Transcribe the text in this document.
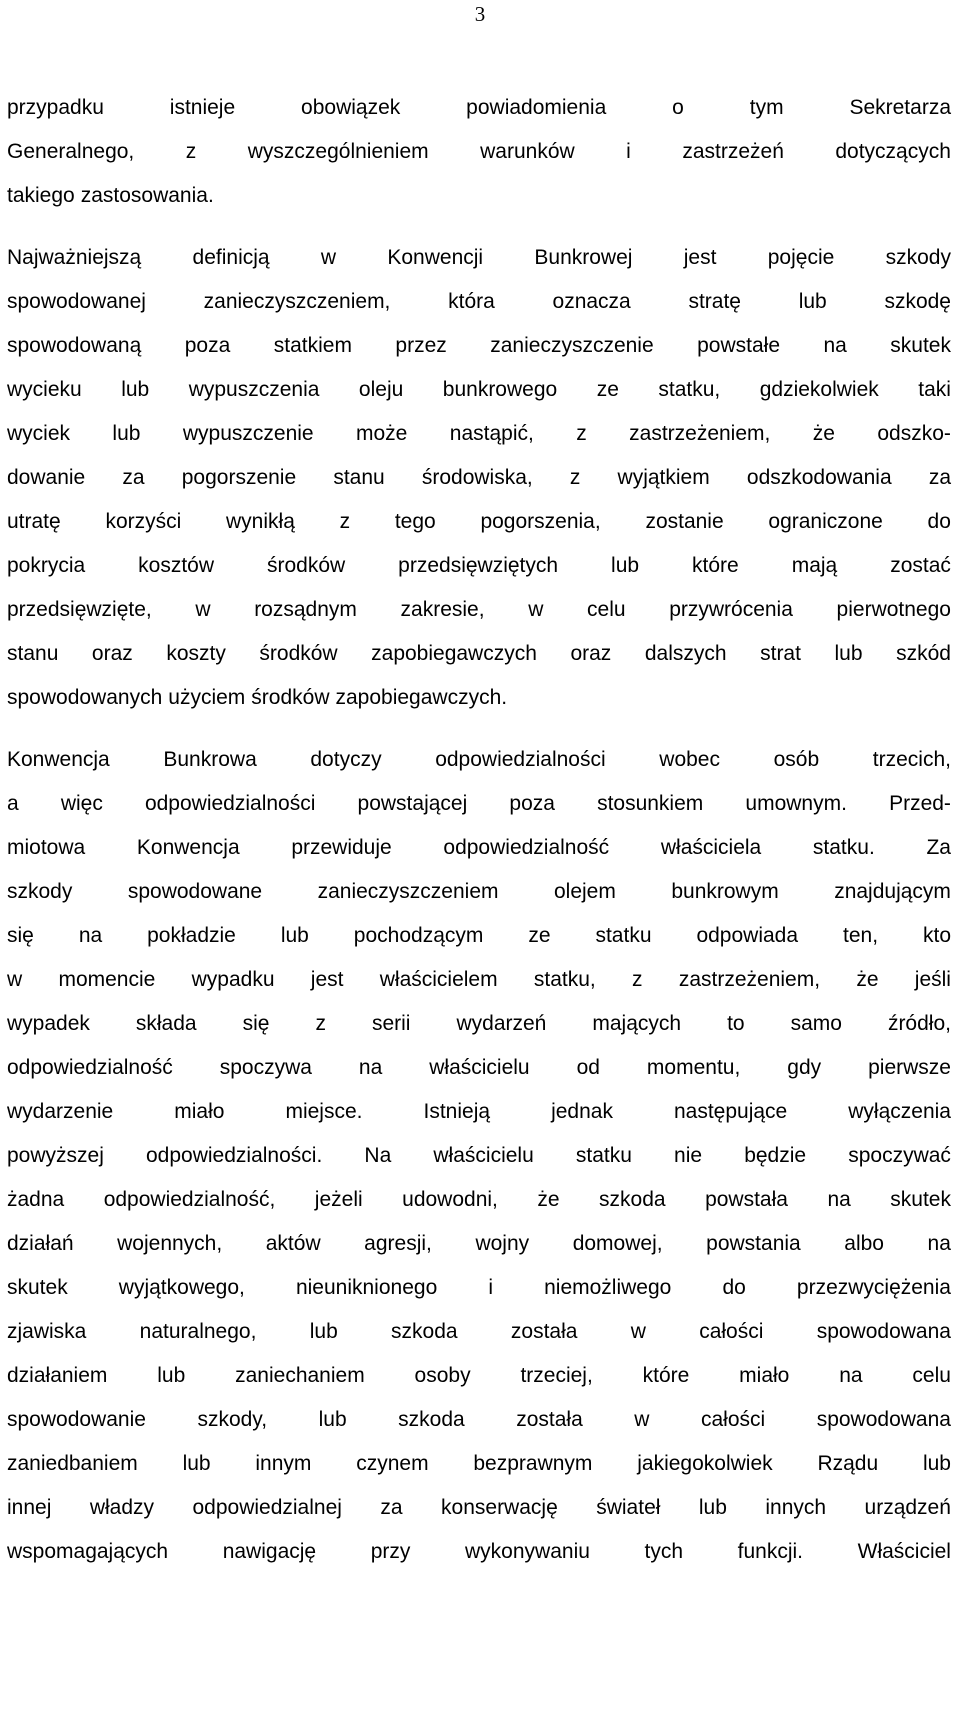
3
przypadku	istnieje	obowiązek	powiadomienia	o	tym	Sekretarza
Generalnego, z wyszczególnieniem warunków i zastrzeżeń dotyczących
takiego zastosowania.
Najważniejszą definicją w Konwencji Bunkrowej jest pojęcie szkody
spowodowanej	zanieczyszczeniem,	która	oznacza	stratę	lub	szkodę
spowodowaną poza statkiem przez zanieczyszczenie powstałe na skutek
wycieku lub wypuszczenia oleju bunkrowego ze statku, gdziekolwiek taki
wyciek lub wypuszczenie może nastąpić, z zastrzeżeniem, że odszko-
dowanie za pogorszenie stanu środowiska, z wyjątkiem odszkodowania za
utratę korzyści wynikłą z tego pogorszenia, zostanie ograniczone do
pokrycia	kosztów	środków	przedsięwziętych	lub	które	mają	zostać
przedsięwzięte, w rozsądnym zakresie, w celu przywrócenia pierwotnego
stanu oraz koszty środków zapobiegawczych oraz dalszych strat lub szkód
spowodowanych użyciem środków zapobiegawczych.
Konwencja	Bunkrowa	dotyczy	odpowiedzialności	wobec	osób	trzecich,
a więc odpowiedzialności powstającej poza stosunkiem umownym. Przed-
miotowa Konwencja przewiduje odpowiedzialność właściciela statku. Za
szkody	spowodowane	zanieczyszczeniem	olejem	bunkrowym	znajdującym
się na pokładzie lub pochodzącym ze statku odpowiada ten, kto
w momencie wypadku jest właścicielem statku, z zastrzeżeniem, że jeśli
wypadek składa się z serii wydarzeń mających to samo źródło,
odpowiedzialność spoczywa na właścicielu od momentu, gdy pierwsze
wydarzenie	miało	miejsce.	Istnieją	jednak	następujące	wyłączenia
powyższej odpowiedzialności. Na właścicielu statku nie będzie spoczywać
żadna odpowiedzialność, jeżeli udowodni, że szkoda powstała na skutek
działań wojennych, aktów agresji, wojny domowej, powstania albo na
skutek wyjątkowego, nieuniknionego i niemożliwego do przezwyciężenia
zjawiska	naturalnego,	lub	szkoda	została	w	całości	spowodowana
działaniem lub zaniechaniem osoby trzeciej, które miało na celu
spowodowanie szkody, lub szkoda została w całości spowodowana
zaniedbaniem lub innym czynem bezprawnym jakiegokolwiek Rządu lub
innej władzy odpowiedzialnej za konserwację świateł lub innych urządzeń
wspomagających	nawigację	przy	wykonywaniu	tych	funkcji.	Właściciel
